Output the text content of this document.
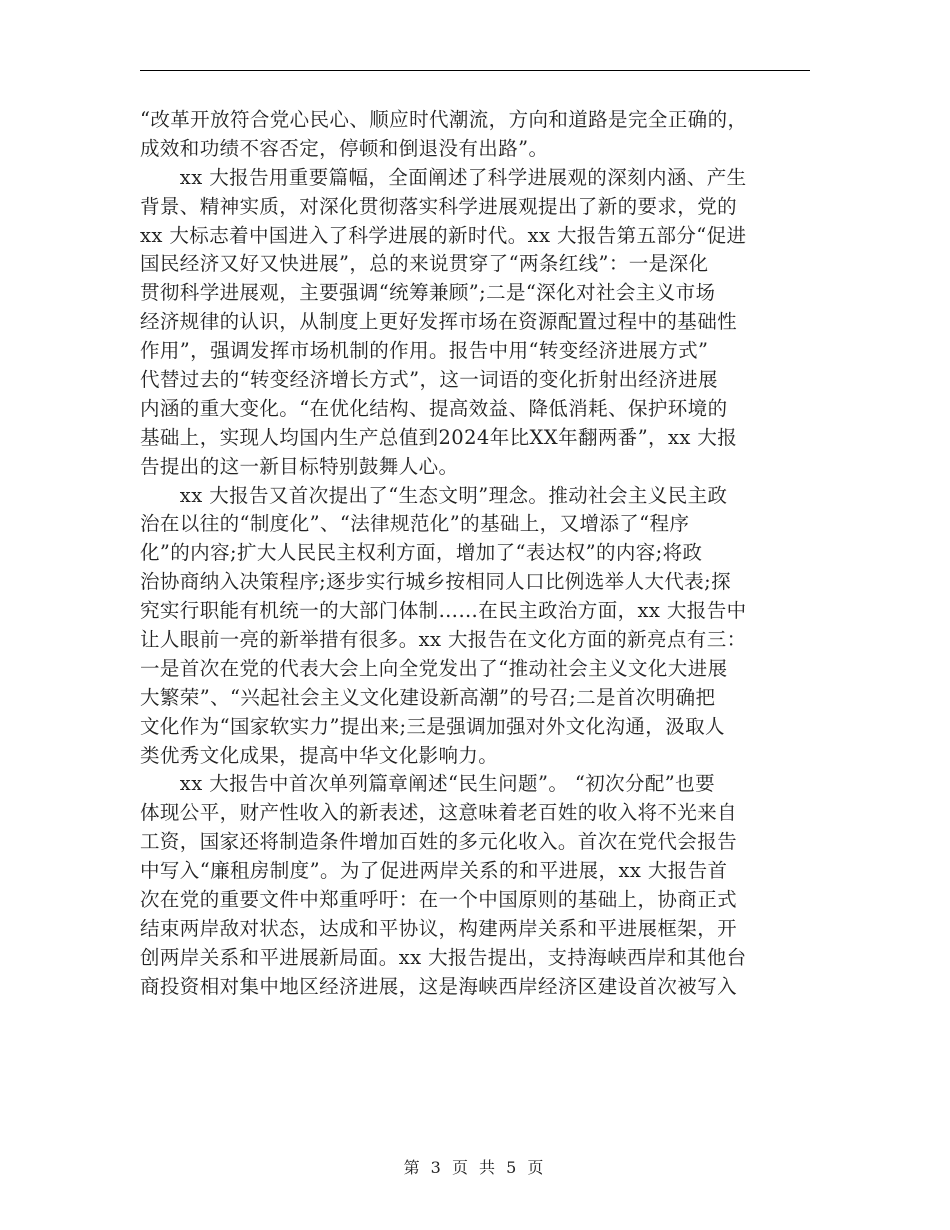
“改革开放符合党心民心、顺应时代潮流，方向和道路是完全正确的，
成效和功绩不容否定，停顿和倒退没有出路”。
　　xx 大报告用重要篇幅，全面阐述了科学进展观的深刻内涵、产生
背景、精神实质，对深化贯彻落实科学进展观提出了新的要求，党的
xx 大标志着中国进入了科学进展的新时代。xx 大报告第五部分“促进
国民经济又好又快进展”，总的来说贯穿了“两条红线”：一是深化
贯彻科学进展观，主要强调“统筹兼顾”;二是“深化对社会主义市场
经济规律的认识，从制度上更好发挥市场在资源配置过程中的基础性
作用”，强调发挥市场机制的作用。报告中用“转变经济进展方式”
代替过去的“转变经济增长方式”，这一词语的变化折射出经济进展
内涵的重大变化。“在优化结构、提高效益、降低消耗、保护环境的
基础上，实现人均国内生产总值到2024年比XX年翻两番”，xx 大报
告提出的这一新目标特别鼓舞人心。
　　xx 大报告又首次提出了“生态文明”理念。推动社会主义民主政
治在以往的“制度化”、“法律规范化”的基础上，又增添了“程序
化”的内容;扩大人民民主权利方面，增加了“表达权”的内容;将政
治协商纳入决策程序;逐步实行城乡按相同人口比例选举人大代表;探
究实行职能有机统一的大部门体制……在民主政治方面，xx 大报告中
让人眼前一亮的新举措有很多。xx 大报告在文化方面的新亮点有三：
一是首次在党的代表大会上向全党发出了“推动社会主义文化大进展
大繁荣”、“兴起社会主义文化建设新高潮”的号召;二是首次明确把
文化作为“国家软实力”提出来;三是强调加强对外文化沟通，汲取人
类优秀文化成果，提高中华文化影响力。
　　xx 大报告中首次单列篇章阐述“民生问题”。 “初次分配”也要
体现公平，财产性收入的新表述，这意味着老百姓的收入将不光来自
工资，国家还将制造条件增加百姓的多元化收入。首次在党代会报告
中写入“廉租房制度”。为了促进两岸关系的和平进展，xx 大报告首
次在党的重要文件中郑重呼吁：在一个中国原则的基础上，协商正式
结束两岸敌对状态，达成和平协议，构建两岸关系和平进展框架，开
创两岸关系和平进展新局面。xx 大报告提出，支持海峡西岸和其他台
商投资相对集中地区经济进展，这是海峡西岸经济区建设首次被写入
第 3 页 共 5 页
